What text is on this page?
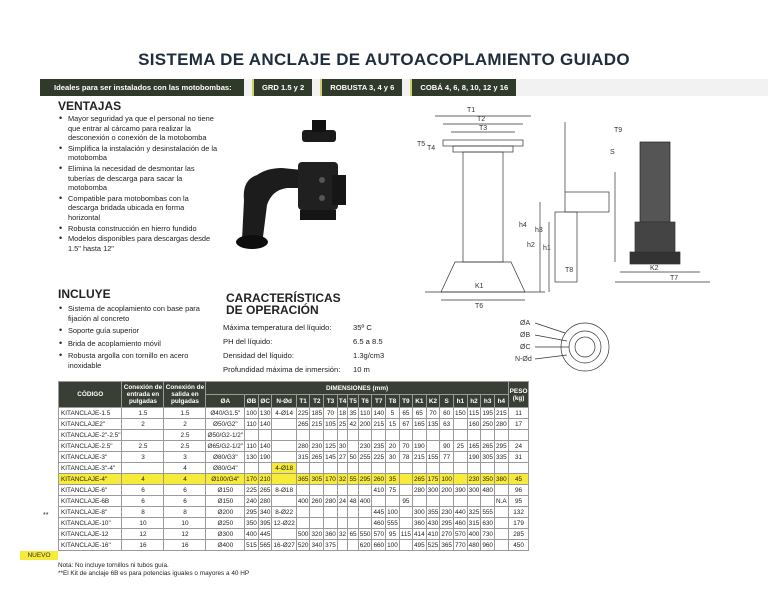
SISTEMA DE ANCLAJE DE AUTOACOPLAMIENTO GUIADO
Ideales para ser instalados con las motobombas:	GRD 1.5 y 2	ROBUSTA 3, 4 y 6	COBÁ 4, 6, 8, 10, 12 y 16
VENTAJAS
• Mayor seguridad ya que el personal no tiene que entrar al cárcamo para realizar la desconexión o conexión de la motobomba
• Simplifica la instalación y desinstalación de la motobomba
• Elimina la necesidad de desmontar las tuberías de descarga para sacar la motobomba
• Compatible para motobombas con la descarga bridada ubicada en forma horizontal
• Robusta construcción en hierro fundido
• Modelos disponibles para descargas desde 1.5" hasta 12"
INCLUYE
• Sistema de acoplamiento con base para fijación al concreto
• Soporte guía superior
• Brida de acoplamiento móvil
• Robusta argolla con tornillo en acero inoxidable
CARACTERÍSTICAS
DE OPERACIÓN
Máxima temperatura del líquido:	35º C
PH del líquido:	6.5 a 8.5
Densidad del líquido:	1.3g/cm3
Profundidad máxima de inmersión:	10 m
T1
T2
T3
T4
T5
h2
h3
h4
h1
T8
K1
T6
T9
S
K2
T7
ØA
ØB
ØC
N-Ød
CÓDIGO	Conexión de entrada en pulgadas	Conexión de salida en pulgadas	DIMENSIONES (mm)																				PESO
(kg)
			ØA	ØB	ØC	N-Ød	T1	T2	T3	T4	T5	T6	T7	T8	T9	K1	K2	S	h1	h2	h3	h4	
KITANCLAJE-1.5	1.5	1.5	Ø40/G1.5"	100	130	4-Ø14	225	185	70	18	35	110	140	5	65	65	70	60	150	115	195	215	11
KITANCLAJE2"	2	2	Ø50/G2"	110	140		265	215	105	25	42	200	215	15	67	165	135	63		160	250	280	17
KITANCLAJE-2"-2.5"		2.5	Ø50/G2-1/2"																				
KITANCLAJE-2.5"	2.5	2.5	Ø65/G2-1/2"	110	140		280	230	125	30		230	235	20	70	190		90	25	165	265	295	24
KITANCLAJE-3"	3	3	Ø80/G3"	130	190		315	265	145	27	50	255	225	30	78	215	155	77		190	305	335	31
KITANCLAJE-3"-4"		4	Ø80/G4"			4-Ø18																	
KITANCLAJE-4"	4	4	Ø100/G4"	170	210		365	305	170	32	55	295	260	35		265	175	100		230	350	380	45
KITANCLAJE-6"	6	6	Ø150	225	265	8-Ø18							410	75		280	300	200	390	300	480		96
KITANCLAJE-6B	6	6	Ø150	240	280		400	260	280	24	48	400			95							N.A	95
KITANCLAJE-8"	8	8	Ø200	295	340	8-Ø22							445	100		300	355	230	440	325	555		132
KITANCLAJE-10"	10	10	Ø250	350	395	12-Ø22							460	555		360	430	295	460	315	630		179
KITANCLAJE-12	12	12	Ø300	400	445		500	320	360	32	65	550	570	95	115	414	410	270	570	400	730		285
KITANCLAJE-16"	16	16	Ø400	515	565	16-Ø27	520	340	375			620	660	100		495	525	365	770	480	960		450
**
NUEVO
Nota: No incluye tornillos ni tubos guía.
**El Kit de anclaje 6B es para potencias iguales o mayores a 40 HP
